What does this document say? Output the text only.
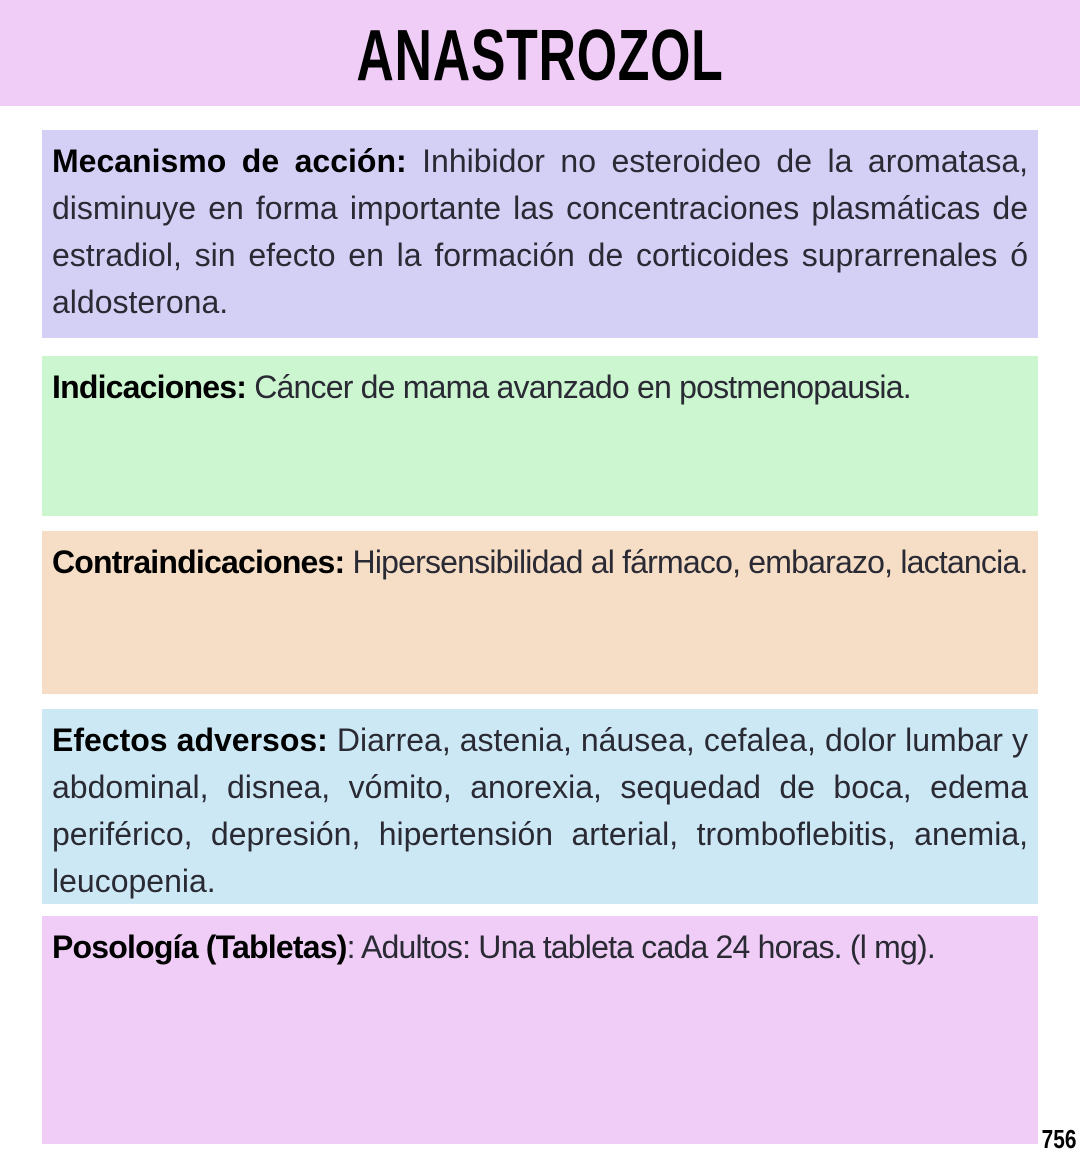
ANASTROZOL
Mecanismo de acción: Inhibidor no esteroideo de la aromatasa, disminuye en forma importante las concentraciones plasmáticas de estradiol, sin efecto en la formación de corticoides suprarrenales ó aldosterona.
Indicaciones: Cáncer de mama avanzado en postmenopausia.
Contraindicaciones: Hipersensibilidad al fármaco, embarazo, lactancia.
Efectos adversos: Diarrea, astenia, náusea, cefalea, dolor lumbar y abdominal, disnea, vómito, anorexia, sequedad de boca, edema periférico, depresión, hipertensión arterial, tromboflebitis, anemia, leucopenia.
Posología (Tabletas): Adultos: Una tableta cada 24 horas. (l mg).
756
